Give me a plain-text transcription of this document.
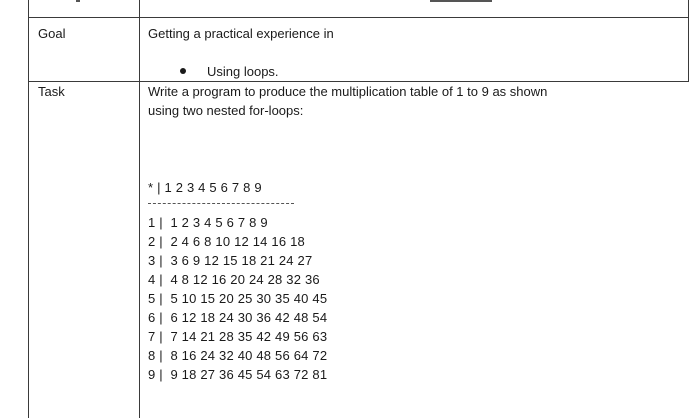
Goal	Getting a practical experience in
Using loops.
Task	Write a program to produce the multiplication table of 1 to 9 as shown
using two nested for-loops:
* | 1 2 3 4 5 6 7 8 9
1 |  1 2 3 4 5 6 7 8 9
2 |  2 4 6 8 10 12 14 16 18
3 |  3 6 9 12 15 18 21 24 27
4 |  4 8 12 16 20 24 28 32 36
5 |  5 10 15 20 25 30 35 40 45
6 |  6 12 18 24 30 36 42 48 54
7 |  7 14 21 28 35 42 49 56 63
8 |  8 16 24 32 40 48 56 64 72
9 |  9 18 27 36 45 54 63 72 81
